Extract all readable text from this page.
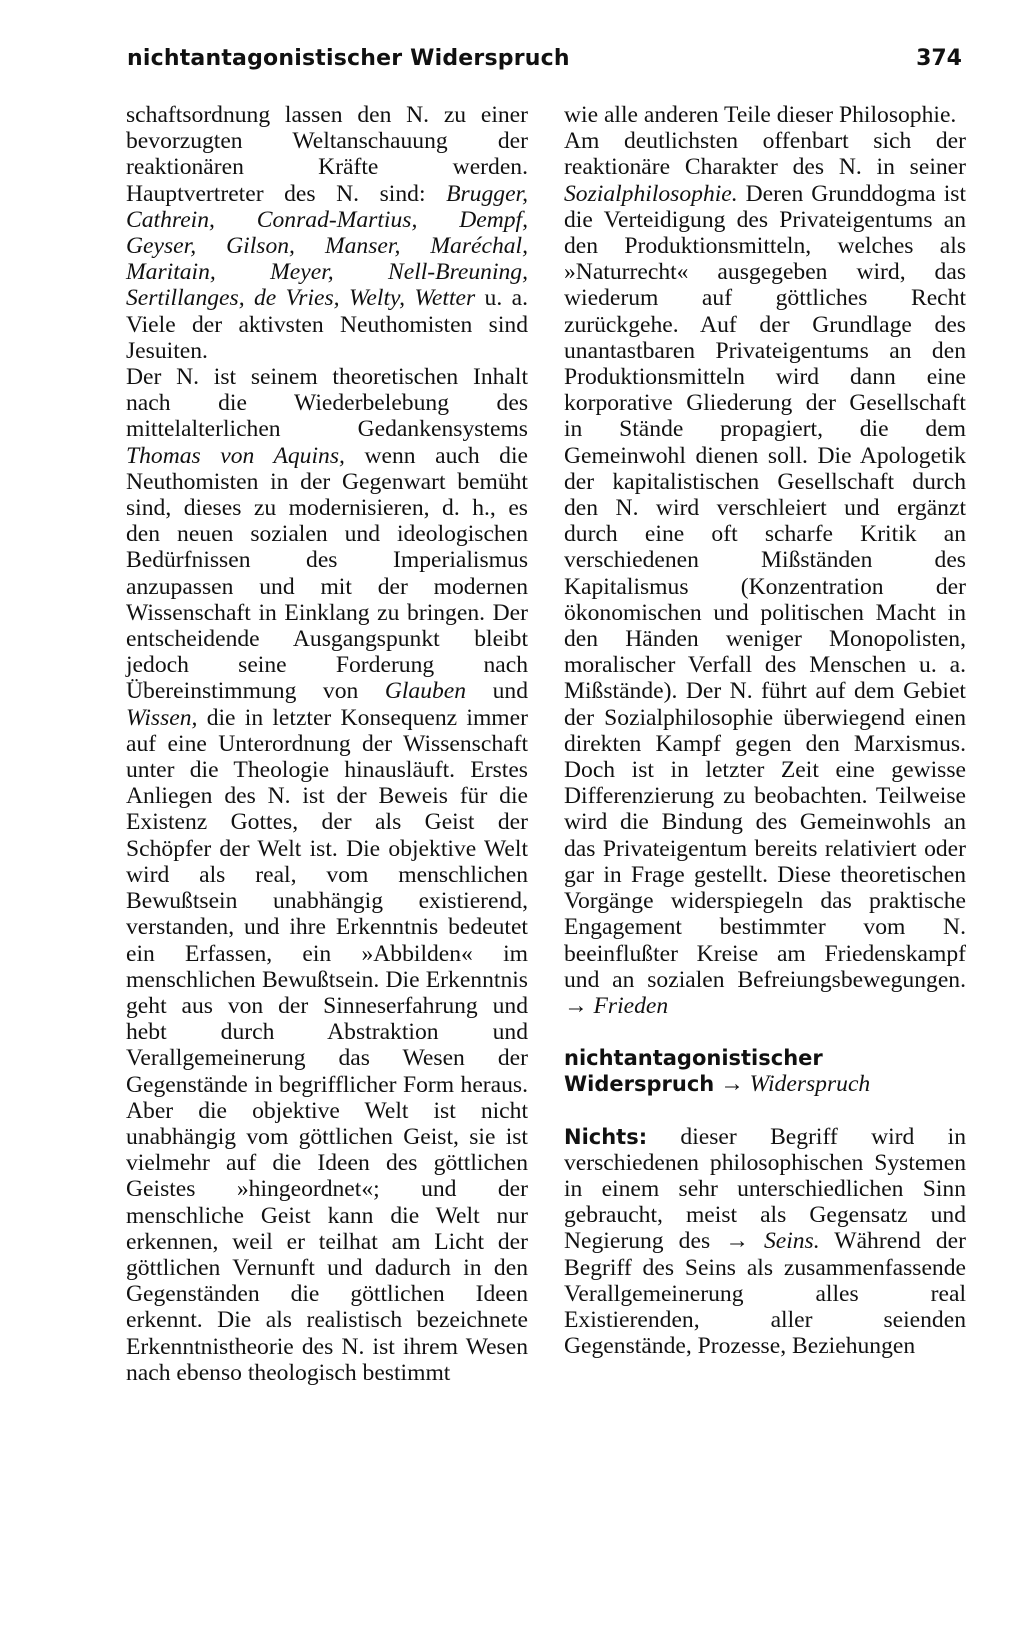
nichtantagonistischer Widerspruch	374

schaftsordnung lassen den N. zu einer bevorzugten Weltanschauung der reaktionären Kräfte werden. Hauptvertreter des N. sind: Brugger, Cathrein, Conrad-Martius, Dempf, Geyser, Gilson, Manser, Maréchal, Maritain, Meyer, Nell-Breuning, Sertillanges, de Vries, Welty, Wetter u. a. Viele der aktivsten Neuthomisten sind Jesuiten.

Der N. ist seinem theoretischen Inhalt nach die Wiederbelebung des mittelalterlichen Gedankensystems Thomas von Aquins, wenn auch die Neuthomisten in der Gegenwart bemüht sind, dieses zu modernisieren, d. h., es den neuen sozialen und ideologischen Bedürfnissen des Imperialismus anzupassen und mit der modernen Wissenschaft in Einklang zu bringen. Der entscheidende Ausgangspunkt bleibt jedoch seine Forderung nach Übereinstimmung von Glauben und Wissen, die in letzter Konsequenz immer auf eine Unterordnung der Wissenschaft unter die Theologie hinausläuft. Erstes Anliegen des N. ist der Beweis für die Existenz Gottes, der als Geist der Schöpfer der Welt ist. Die objektive Welt wird als real, vom menschlichen Bewußtsein unabhängig existierend, verstanden, und ihre Erkenntnis bedeutet ein Erfassen, ein »Abbilden« im menschlichen Bewußtsein. Die Erkenntnis geht aus von der Sinneserfahrung und hebt durch Abstraktion und Verallgemeinerung das Wesen der Gegenstände in begrifflicher Form heraus. Aber die objektive Welt ist nicht unabhängig vom göttlichen Geist, sie ist vielmehr auf die Ideen des göttlichen Geistes »hingeordnet«; und der menschliche Geist kann die Welt nur erkennen, weil er teilhat am Licht der göttlichen Vernunft und dadurch in den Gegenständen die göttlichen Ideen erkennt. Die als realistisch bezeichnete Erkenntnistheorie des N. ist ihrem Wesen nach ebenso theologisch bestimmt

wie alle anderen Teile dieser Philosophie.

Am deutlichsten offenbart sich der reaktionäre Charakter des N. in seiner Sozialphilosophie. Deren Grunddogma ist die Verteidigung des Privateigentums an den Produktionsmitteln, welches als »Naturrecht« ausgegeben wird, das wiederum auf göttliches Recht zurückgehe. Auf der Grundlage des unantastbaren Privateigentums an den Produktionsmitteln wird dann eine korporative Gliederung der Gesellschaft in Stände propagiert, die dem Gemeinwohl dienen soll. Die Apologetik der kapitalistischen Gesellschaft durch den N. wird verschleiert und ergänzt durch eine oft scharfe Kritik an verschiedenen Mißständen des Kapitalismus (Konzentration der ökonomischen und politischen Macht in den Händen weniger Monopolisten, moralischer Verfall des Menschen u. a. Mißstände). Der N. führt auf dem Gebiet der Sozialphilosophie überwiegend einen direkten Kampf gegen den Marxismus. Doch ist in letzter Zeit eine gewisse Differenzierung zu beobachten. Teilweise wird die Bindung des Gemeinwohls an das Privateigentum bereits relativiert oder gar in Frage gestellt. Diese theoretischen Vorgänge widerspiegeln das praktische Engagement bestimmter vom N. beeinflußter Kreise am Friedenskampf und an sozialen Befreiungsbewegungen. → Frieden

nichtantagonistischer Widerspruch → Widerspruch

Nichts: dieser Begriff wird in verschiedenen philosophischen Systemen in einem sehr unterschiedlichen Sinn gebraucht, meist als Gegensatz und Negierung des → Seins. Während der Begriff des Seins als zusammenfassende Verallgemeinerung alles real Existierenden, aller seienden Gegenstände, Prozesse, Beziehungen
